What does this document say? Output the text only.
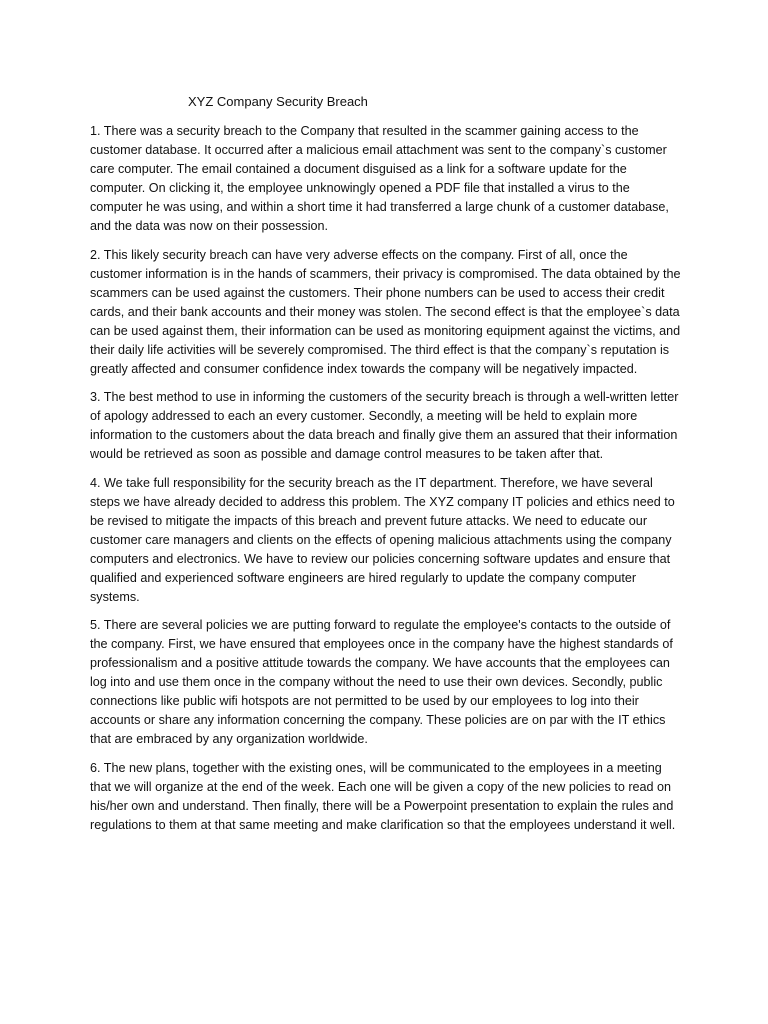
XYZ Company Security Breach

1. There was a security breach to the Company that resulted in the scammer gaining access to the customer database. It occurred after a malicious email attachment was sent to the company`s customer care computer. The email contained a document disguised as a link for a software update for the computer. On clicking it, the employee unknowingly opened a PDF file that installed a virus to the computer he was using, and within a short time it had transferred a large chunk of a customer database, and the data was now on their possession.

2. This likely security breach can have very adverse effects on the company. First of all, once the customer information is in the hands of scammers, their privacy is compromised. The data obtained by the scammers can be used against the customers. Their phone numbers can be used to access their credit cards, and their bank accounts and their money was stolen. The second effect is that the employee`s data can be used against them, their information can be used as monitoring equipment against the victims, and their daily life activities will be severely compromised. The third effect is that the company`s reputation is greatly affected and consumer confidence index towards the company will be negatively impacted.

3. The best method to use in informing the customers of the security breach is through a well-written letter of apology addressed to each an every customer. Secondly, a meeting will be held to explain more information to the customers about the data breach and finally give them an assured that their information would be retrieved as soon as possible and damage control measures to be taken after that.

4. We take full responsibility for the security breach as the IT department. Therefore, we have several steps we have already decided to address this problem. The XYZ company IT policies and ethics need to be revised to mitigate the impacts of this breach and prevent future attacks. We need to educate our customer care managers and clients on the effects of opening malicious attachments using the company computers and electronics. We have to review our policies concerning software updates and ensure that qualified and experienced software engineers are hired regularly to update the company computer systems.

5. There are several policies we are putting forward to regulate the employee's contacts to the outside of the company. First, we have ensured that employees once in the company have the highest standards of professionalism and a positive attitude towards the company. We have accounts that the employees can log into and use them once in the company without the need to use their own devices. Secondly, public connections like public wifi hotspots are not permitted to be used by our employees to log into their accounts or share any information concerning the company. These policies are on par with the IT ethics that are embraced by any organization worldwide.

6. The new plans, together with the existing ones, will be communicated to the employees in a meeting that we will organize at the end of the week. Each one will be given a copy of the new policies to read on his/her own and understand. Then finally, there will be a Powerpoint presentation to explain the rules and regulations to them at that same meeting and make clarification so that the employees understand it well.
